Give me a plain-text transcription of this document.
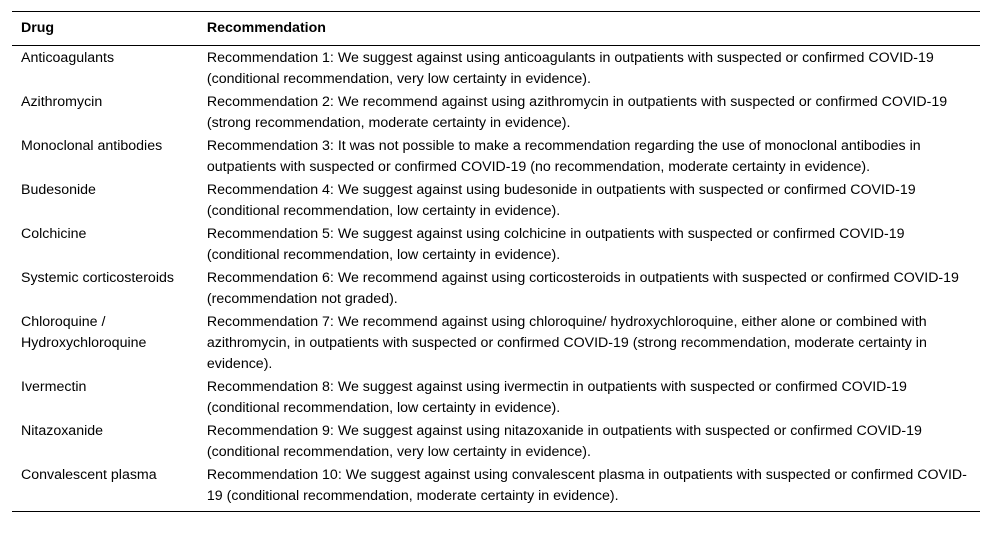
Drug	Recommendation
Anticoagulants	Recommendation 1: We suggest against using anticoagulants in outpatients with suspected or confirmed COVID-19 (conditional recommendation, very low certainty in evidence).
Azithromycin	Recommendation 2: We recommend against using azithromycin in outpatients with suspected or confirmed COVID-19 (strong recommendation, moderate certainty in evidence).
Monoclonal antibodies	Recommendation 3: It was not possible to make a recommendation regarding the use of monoclonal antibodies in outpatients with suspected or confirmed COVID-19 (no recommendation, moderate certainty in evidence).
Budesonide	Recommendation 4: We suggest against using budesonide in outpatients with suspected or confirmed COVID-19 (conditional recommendation, low certainty in evidence).
Colchicine	Recommendation 5: We suggest against using colchicine in outpatients with suspected or confirmed COVID-19 (conditional recommendation, low certainty in evidence).
Systemic corticosteroids	Recommendation 6: We recommend against using corticosteroids in outpatients with suspected or confirmed COVID-19 (recommendation not graded).
Chloroquine / Hydroxychloroquine	Recommendation 7: We recommend against using chloroquine/ hydroxychloroquine, either alone or combined with azithromycin, in outpatients with suspected or confirmed COVID-19 (strong recommendation, moderate certainty in evidence).
Ivermectin	Recommendation 8: We suggest against using ivermectin in outpatients with suspected or confirmed COVID-19 (conditional recommendation, low certainty in evidence).
Nitazoxanide	Recommendation 9: We suggest against using nitazoxanide in outpatients with suspected or confirmed COVID-19 (conditional recommendation, very low certainty in evidence).
Convalescent plasma	Recommendation 10: We suggest against using convalescent plasma in outpatients with suspected or confirmed COVID-19 (conditional recommendation, moderate certainty in evidence).
